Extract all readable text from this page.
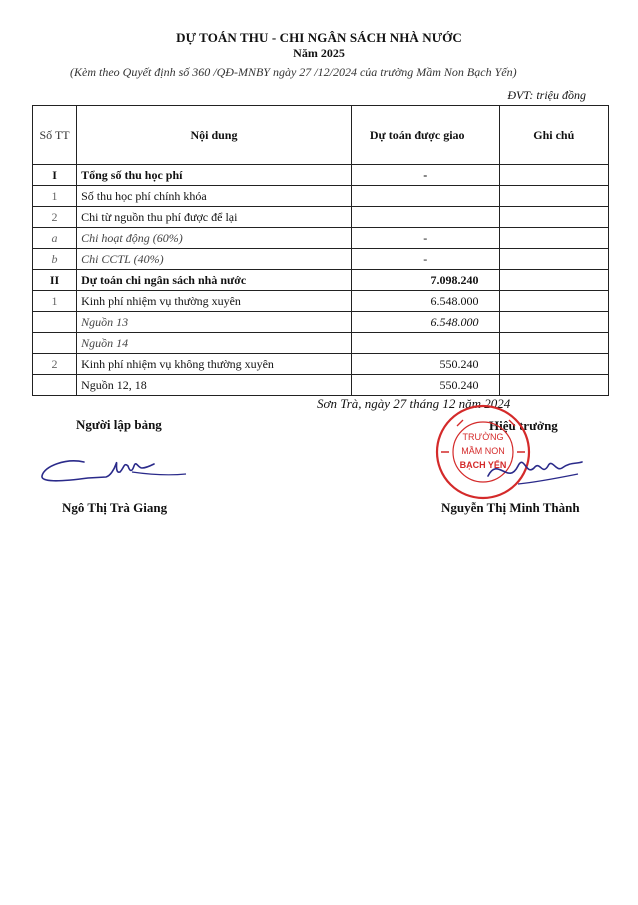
DỰ TOÁN THU - CHI NGÂN SÁCH NHÀ NƯỚC
Năm 2025
(Kèm theo Quyết định số 360 /QĐ-MNBY ngày 27 /12/2024 của trường Mầm Non Bạch Yến)
ĐVT: triệu đồng
Số TT	Nội dung	Dự toán được giao	Ghi chú
I	Tổng số thu học phí	-	
1	Số thu học phí chính khóa		
2	Chi từ nguồn thu phí được để lại		
a	Chi hoạt động (60%)	-	
b	Chi CCTL (40%)	-	
II	Dự toán chi ngân sách nhà nước	7.098.240	
1	Kinh phí nhiệm vụ thường xuyên	6.548.000	
	Nguồn 13	6.548.000	
	Nguồn 14		
2	Kinh phí nhiệm vụ không thường xuyên	550.240	
	Nguồn 12, 18	550.240	
Sơn Trà, ngày 27 tháng 12 năm 2024
Người lập bảng	Hiệu trưởng
TRƯỜNG
MẦM NON
BẠCH YẾN
Ngô Thị Trà Giang	Nguyễn Thị Minh Thành
